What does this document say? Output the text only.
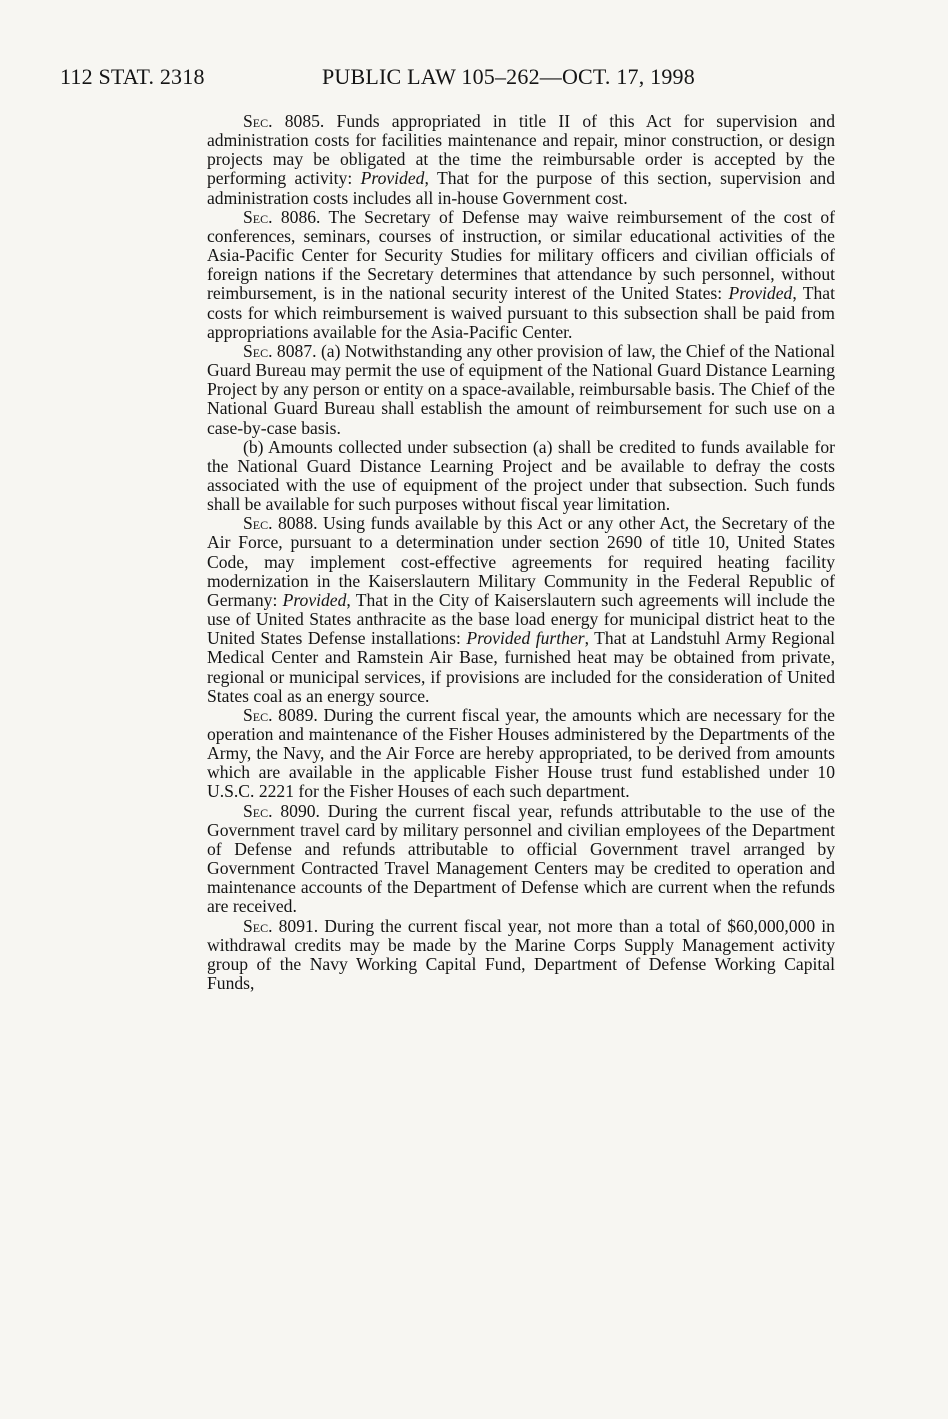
112 STAT. 2318	PUBLIC LAW 105–262—OCT. 17, 1998

Sec. 8085. Funds appropriated in title II of this Act for supervision and administration costs for facilities maintenance and repair, minor construction, or design projects may be obligated at the time the reimbursable order is accepted by the performing activity: Provided, That for the purpose of this section, supervision and administration costs includes all in-house Government cost.

Sec. 8086. The Secretary of Defense may waive reimbursement of the cost of conferences, seminars, courses of instruction, or similar educational activities of the Asia-Pacific Center for Security Studies for military officers and civilian officials of foreign nations if the Secretary determines that attendance by such personnel, without reimbursement, is in the national security interest of the United States: Provided, That costs for which reimbursement is waived pursuant to this subsection shall be paid from appropriations available for the Asia-Pacific Center.

Sec. 8087. (a) Notwithstanding any other provision of law, the Chief of the National Guard Bureau may permit the use of equipment of the National Guard Distance Learning Project by any person or entity on a space-available, reimbursable basis. The Chief of the National Guard Bureau shall establish the amount of reimbursement for such use on a case-by-case basis.

(b) Amounts collected under subsection (a) shall be credited to funds available for the National Guard Distance Learning Project and be available to defray the costs associated with the use of equipment of the project under that subsection. Such funds shall be available for such purposes without fiscal year limitation.

Sec. 8088. Using funds available by this Act or any other Act, the Secretary of the Air Force, pursuant to a determination under section 2690 of title 10, United States Code, may implement cost-effective agreements for required heating facility modernization in the Kaiserslautern Military Community in the Federal Republic of Germany: Provided, That in the City of Kaiserslautern such agreements will include the use of United States anthracite as the base load energy for municipal district heat to the United States Defense installations: Provided further, That at Landstuhl Army Regional Medical Center and Ramstein Air Base, furnished heat may be obtained from private, regional or municipal services, if provisions are included for the consideration of United States coal as an energy source.

Sec. 8089. During the current fiscal year, the amounts which are necessary for the operation and maintenance of the Fisher Houses administered by the Departments of the Army, the Navy, and the Air Force are hereby appropriated, to be derived from amounts which are available in the applicable Fisher House trust fund established under 10 U.S.C. 2221 for the Fisher Houses of each such department.

Sec. 8090. During the current fiscal year, refunds attributable to the use of the Government travel card by military personnel and civilian employees of the Department of Defense and refunds attributable to official Government travel arranged by Government Contracted Travel Management Centers may be credited to operation and maintenance accounts of the Department of Defense which are current when the refunds are received.

Sec. 8091. During the current fiscal year, not more than a total of $60,000,000 in withdrawal credits may be made by the Marine Corps Supply Management activity group of the Navy Working Capital Fund, Department of Defense Working Capital Funds,
